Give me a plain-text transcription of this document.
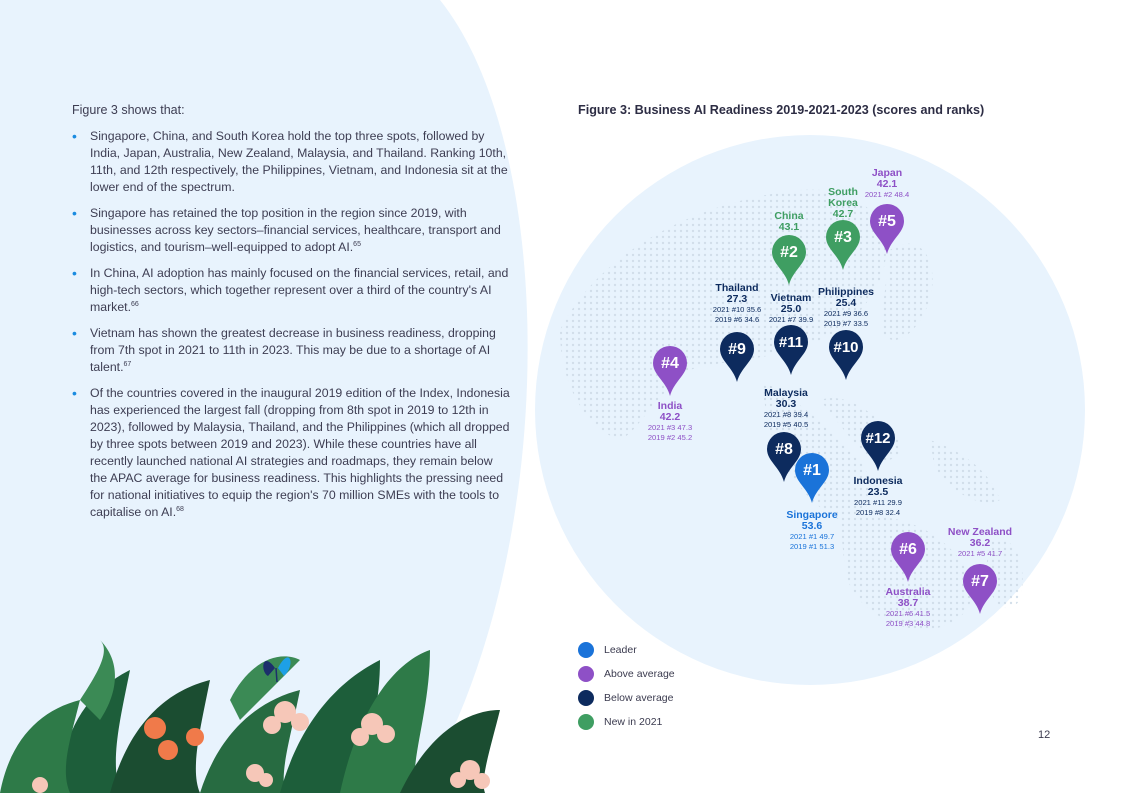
Figure 3 shows that:
• Singapore, China, and South Korea hold the top three spots, followed by India, Japan, Australia, New Zealand, Malaysia, and Thailand. Ranking 10th, 11th, and 12th respectively, the Philippines, Vietnam, and Indonesia sit at the lower end of the spectrum.
• Singapore has retained the top position in the region since 2019, with businesses across key sectors–financial services, healthcare, transport and logistics, and tourism–well-equipped to adopt AI.$^{65}$
• In China, AI adoption has mainly focused on the financial services, retail, and high-tech sectors, which together represent over a third of the country's AI market.$^{66}$
• Vietnam has shown the greatest decrease in business readiness, dropping from 7th spot in 2021 to 11th in 2023. This may be due to a shortage of AI talent.$^{67}$
• Of the countries covered in the inaugural 2019 edition of the Index, Indonesia has experienced the largest fall (dropping from 8th spot in 2019 to 12th in 2023), followed by Malaysia, Thailand, and the Philippines (which all dropped by three spots between 2019 and 2023). While these countries have all recently launched national AI strategies and roadmaps, they remain below the APAC average for business readiness. This highlights the pressing need for national initiatives to equip the region's 70 million SMEs with the tools to capitalise on AI.$^{68}$
Figure 3: Business AI Readiness 2019-2021-2023 (scores and ranks)
#1
#2
#3
#4
#5
#6
#7
#8
#9	#10
#11
#12
Singapore
53.6
2021 #1 49.7
2019 #1 51.3
China
43.1
South
Korea
42.7
India
42.2
2021 #3 47.3
2019 #2 45.2
Japan
42.1
2021 #2 48.4
Australia
38.7
2021 #6 41.5
2019 #3 44.8
New Zealand
36.2
2021 #5 41.7
Malaysia
30.3
2021 #8 39.4
2019 #5 40.5
Thailand
27.3
2021 #10 35.6
2019 #6 34.6
Philippines
25.4
2021 #9 36.6
2019 #7 33.5
Vietnam
25.0
2021 #7 39.9
Indonesia
23.5
2021 #11 29.9
2019 #8 32.4
Leader
Above average
Below average
New in 2021
12
